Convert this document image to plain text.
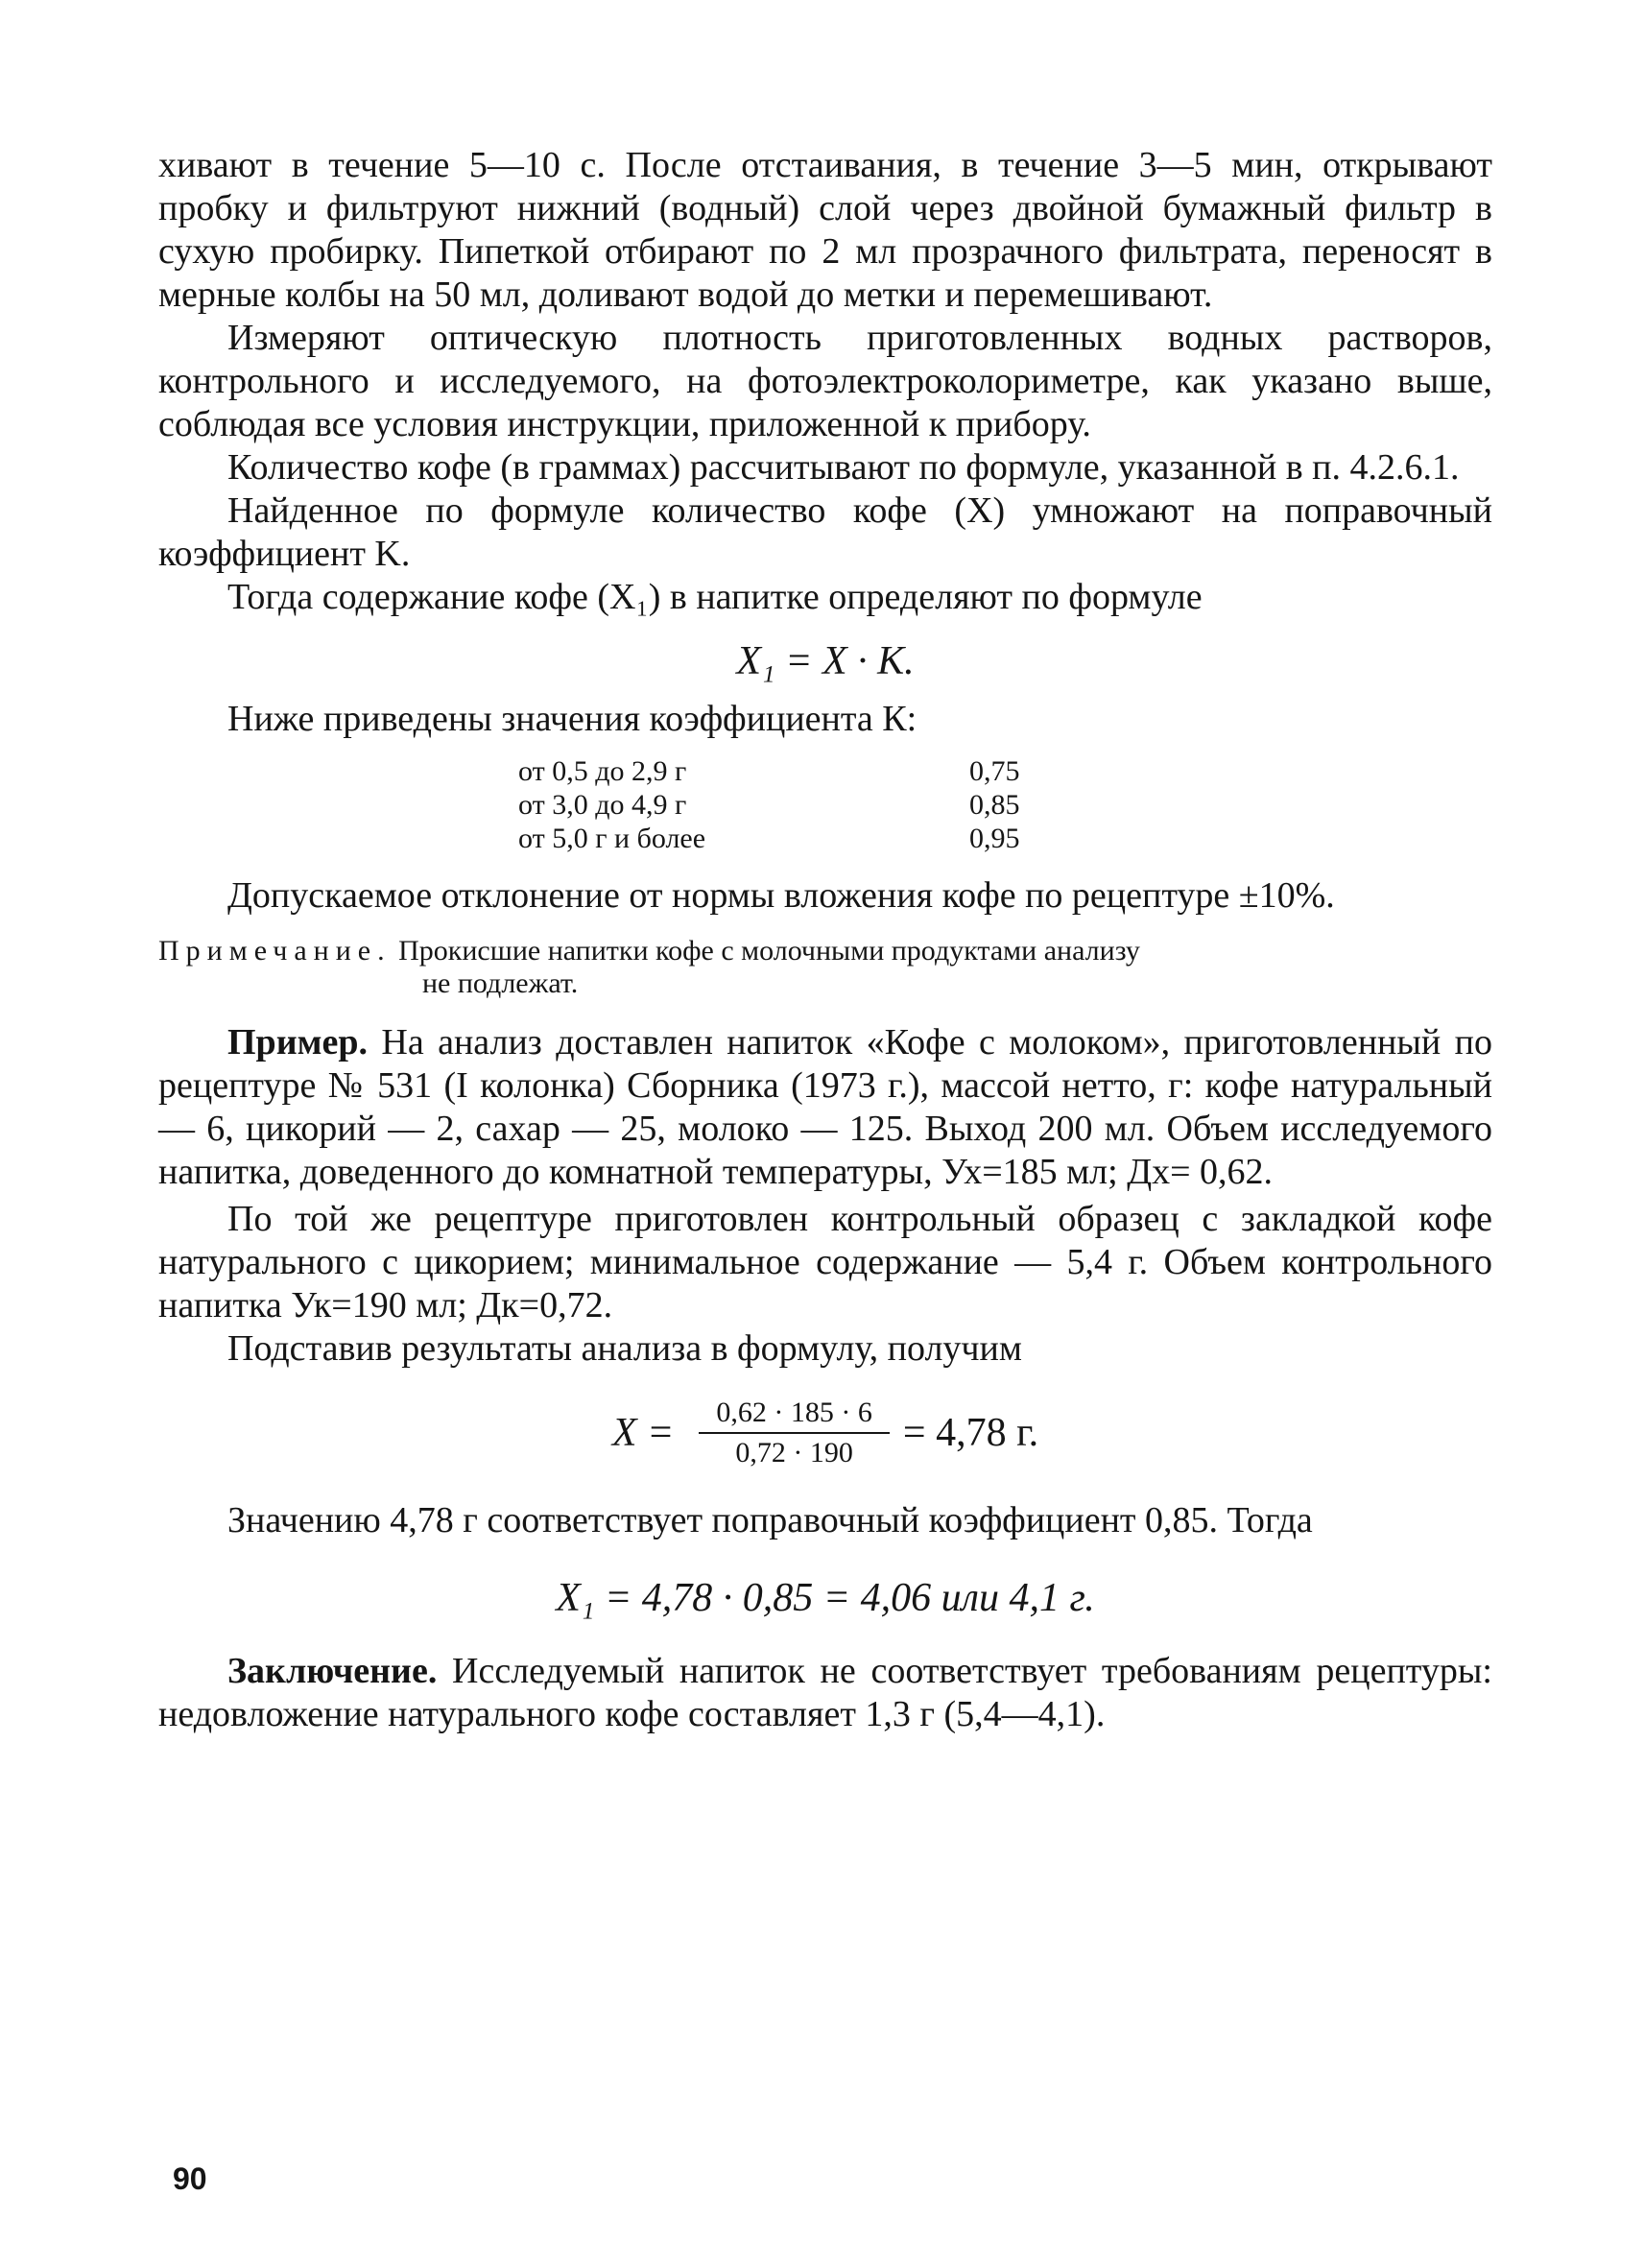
хивают в течение 5—10 с. После отстаивания, в течение 3—5 мин, открывают пробку и фильтруют нижний (водный) слой через двойной бумажный фильтр в сухую пробирку. Пипеткой отбирают по 2 мл прозрачного фильтрата, переносят в мерные колбы на 50 мл, доливают водой до метки и перемешивают.

Измеряют оптическую плотность приготовленных водных растворов, контрольного и исследуемого, на фотоэлектроколориметре, как указано выше, соблюдая все условия инструкции, приложенной к прибору.

Количество кофе (в граммах) рассчитывают по формуле, указанной в п. 4.2.6.1.

Найденное по формуле количество кофе (X) умножают на поправочный коэффициент K.

Тогда содержание кофе (X₁) в напитке определяют по формуле

X₁ = X · K.

Ниже приведены значения коэффициента К:

от 0,5 до 2,9 г	0,75
от 3,0 до 4,9 г	0,85
от 5,0 г и более	0,95

Допускаемое отклонение от нормы вложения кофе по рецептуре ±10%.

Примечание. Прокисшие напитки кофе с молочными продуктами анализу
не подлежат.

Пример. На анализ доставлен напиток «Кофе с молоком», приготовленный по рецептуре № 531 (I колонка) Сборника (1973 г.), массой нетто, г: кофе натуральный — 6, цикорий — 2, сахар — 25, молоко — 125. Выход 200 мл. Объем исследуемого напитка, доведенного до комнатной температуры, Ух=185 мл; Дх= 0,62.

По той же рецептуре приготовлен контрольный образец с закладкой кофе натурального с цикорием; минимальное содержание — 5,4 г. Объем контрольного напитка Ук=190 мл; Дк=0,72.

Подставив результаты анализа в формулу, получим

$X = \frac{0,62 \cdot 185 \cdot 6}{0,72 \cdot 190} = 4,78$ г.

Значению 4,78 г соответствует поправочный коэффициент 0,85. Тогда

X₁ = 4,78 · 0,85 = 4,06 или 4,1 г.

Заключение. Исследуемый напиток не соответствует требованиям рецептуры: недовложение натурального кофе составляет 1,3 г (5,4—4,1).

90
